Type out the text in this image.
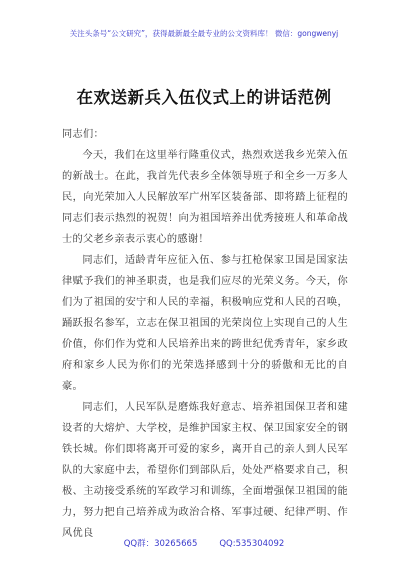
关注头条号“公文研究”，获得最新最全最专业的公文资料库！ 微信：gongwenyj
在欢送新兵入伍仪式上的讲话范例

同志们：

今天，我们在这里举行隆重仪式，热烈欢送我乡光荣入伍的新战士。在此，我首先代表乡全体领导班子和全乡一万多人民，向光荣加入人民解放军广州军区装备部、即将踏上征程的同志们表示热烈的祝贺！向为祖国培养出优秀接班人和革命战士的父老乡亲表示衷心的感谢！

同志们，适龄青年应征入伍、参与扛枪保家卫国是国家法律赋予我们的神圣职责，也是我们应尽的光荣义务。今天，你们为了祖国的安宁和人民的幸福，积极响应党和人民的召唤，踊跃报名参军，立志在保卫祖国的光荣岗位上实现自己的人生价值，你们作为党和人民培养出来的跨世纪优秀青年，家乡政府和家乡人民为你们的光荣选择感到十分的骄傲和无比的自豪。

同志们，人民军队是磨炼我好意志、培养祖国保卫者和建设者的大熔炉、大学校，是维护国家主权、保卫国家安全的钢铁长城。你们即将离开可爱的家乡，离开自己的亲人到人民军队的大家庭中去，希望你们到部队后，处处严格要求自己，积极、主动接受系统的军政学习和训练，全面增强保卫祖国的能力，努力把自己培养成为政治合格、军事过硬、纪律严明、作风优良

QQ群：30265665	QQ:535304092
